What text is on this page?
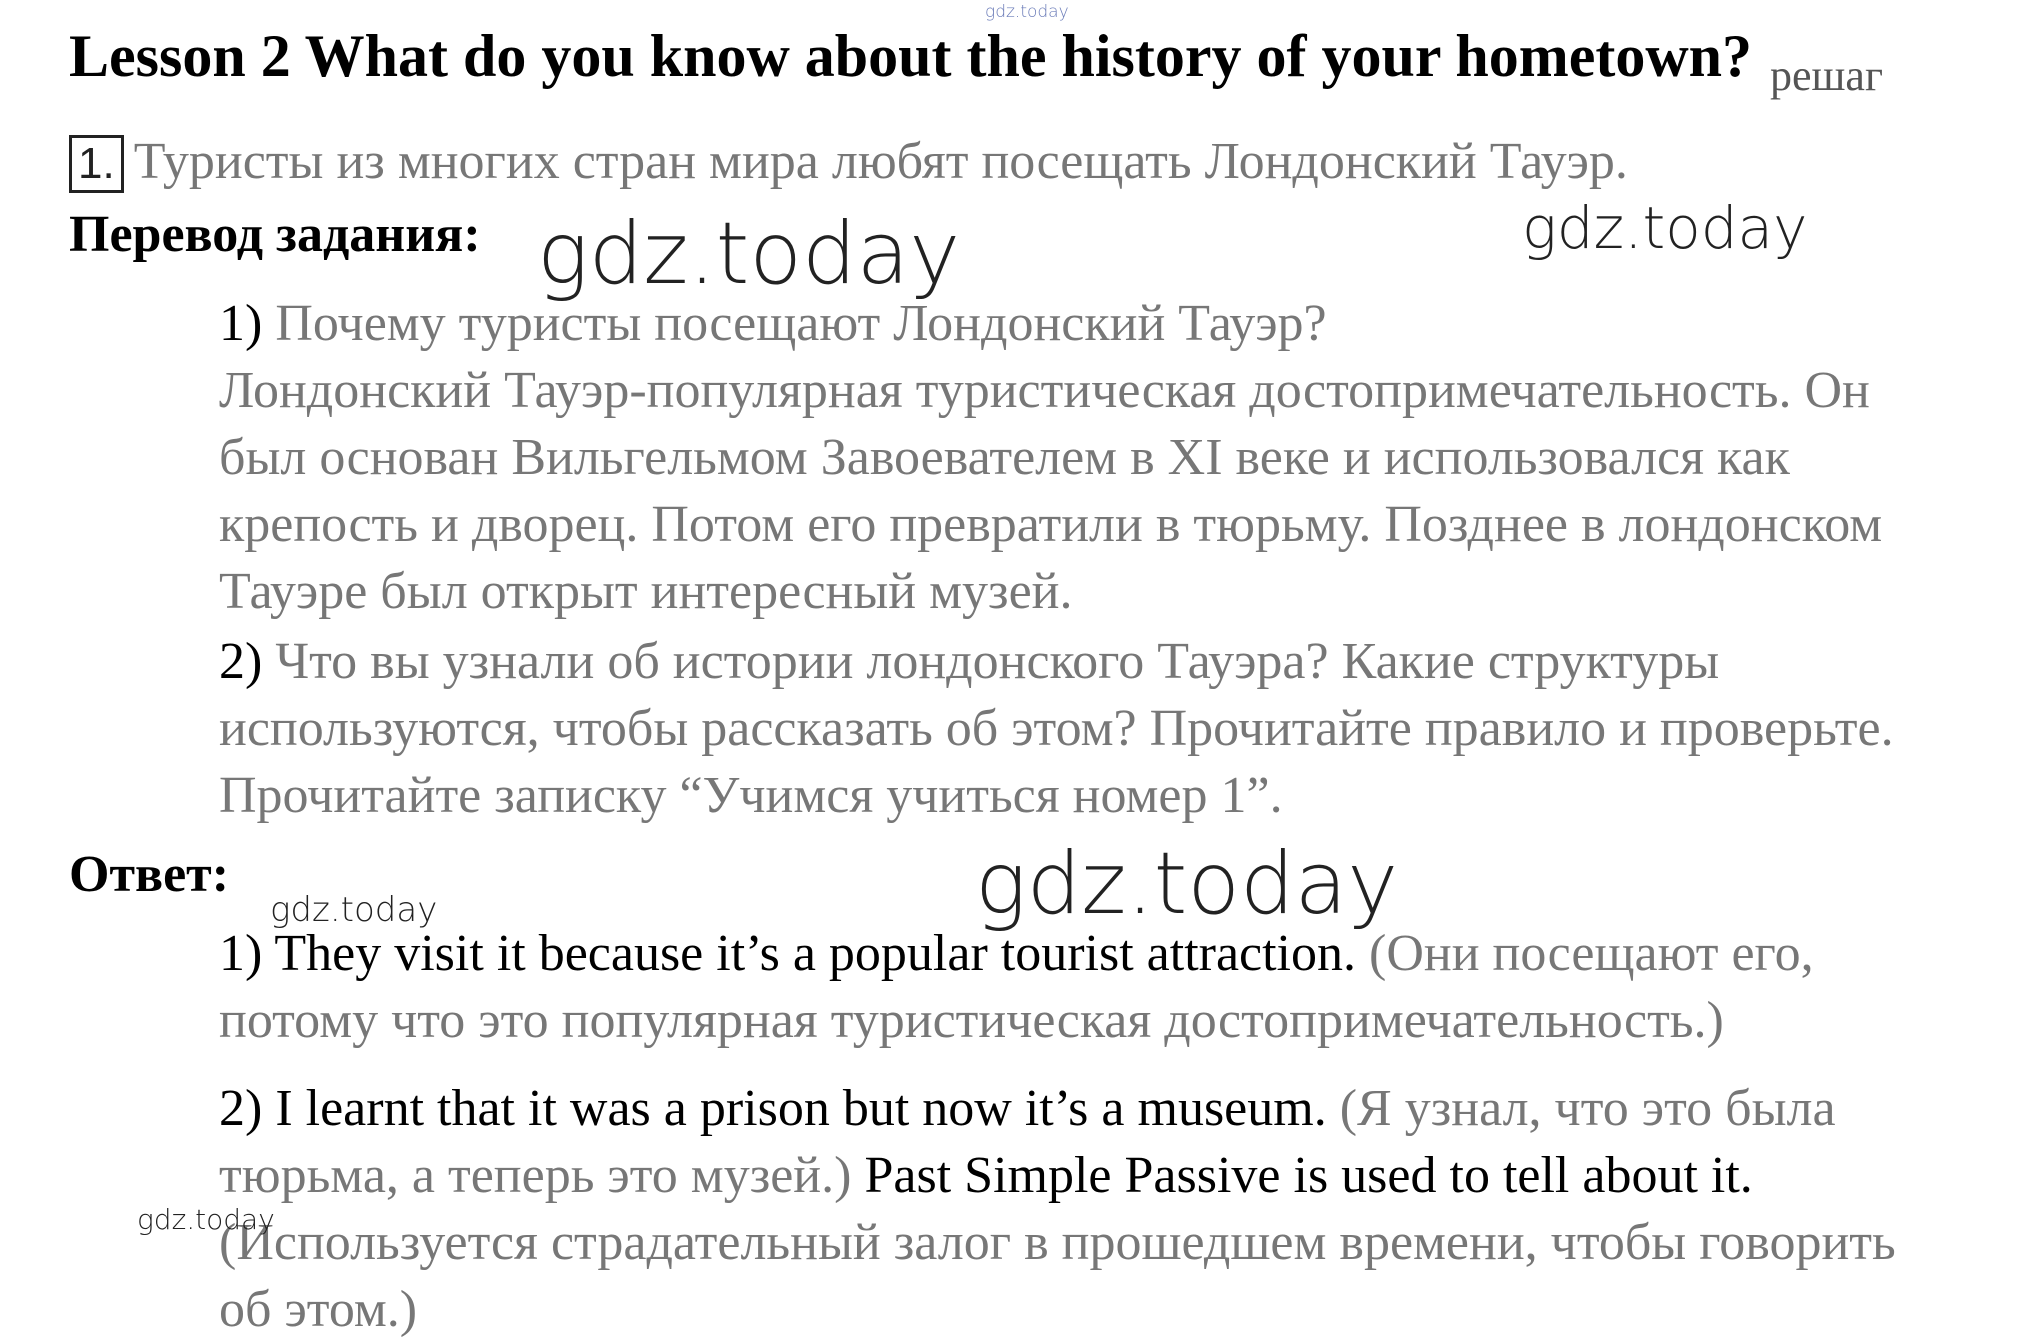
gdz.today
Lesson 2 What do you know about the history of your hometown? решаг
1. Туристы из многих стран мира любят посещать Лондонский Тауэр.
Перевод задания: gdz.today	gdz.today
1) Почему туристы посещают Лондонский Тауэр?
Лондонский Тауэр-популярная туристическая достопримечательность. Он был основан Вильгельмом Завоевателем в XI веке и использовался как крепость и дворец. Потом его превратили в тюрьму. Позднее в лондонском Тауэре был открыт интересный музей.
2) Что вы узнали об истории лондонского Тауэра? Какие структуры используются, чтобы рассказать об этом? Прочитайте правило и проверьте. Прочитайте записку “Учимся учиться номер 1”.
Ответ:	gdz.today
gdz.today
1) They visit it because it’s a popular tourist attraction. (Они посещают его, потому что это популярная туристическая достопримечательность.)
2) I learnt that it was a prison but now it’s a museum. (Я узнал, что это была тюрьма, а теперь это музей.) Past Simple Passive is used to tell about it. (Используется страдательный залог в прошедшем времени, чтобы говорить об этом.)
gdz.today
